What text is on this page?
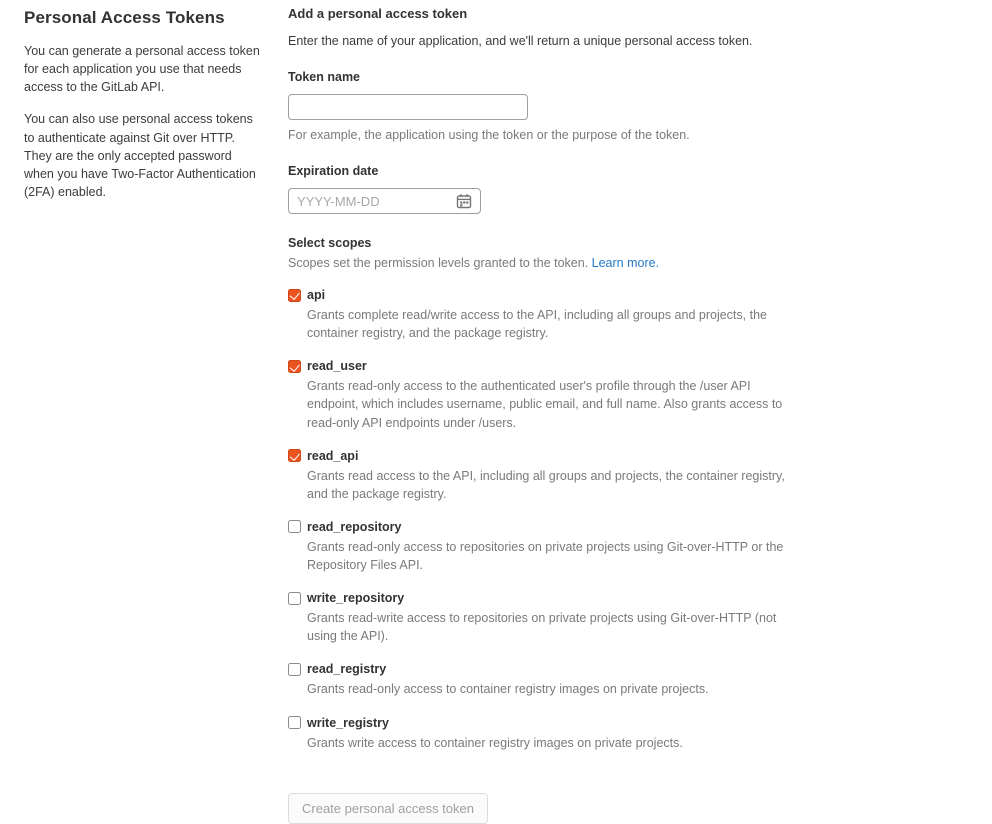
Personal Access Tokens

You can generate a personal access token for each application you use that needs access to the GitLab API.

You can also use personal access tokens to authenticate against Git over HTTP. They are the only accepted password when you have Two-Factor Authentication (2FA) enabled.

Add a personal access token

Enter the name of your application, and we'll return a unique personal access token.

Token name
For example, the application using the token or the purpose of the token.
Expiration date
YYYY-MM-DD
Select scopes

Scopes set the permission levels granted to the token. Learn more.

api
Grants complete read/write access to the API, including all groups and projects, the container registry, and the package registry.
read_user
Grants read-only access to the authenticated user's profile through the /user API endpoint, which includes username, public email, and full name. Also grants access to read-only API endpoints under /users.
read_api
Grants read access to the API, including all groups and projects, the container registry, and the package registry.
read_repository
Grants read-only access to repositories on private projects using Git-over-HTTP or the Repository Files API.
write_repository
Grants read-write access to repositories on private projects using Git-over-HTTP (not using the API).
read_registry
Grants read-only access to container registry images on private projects.
write_registry
Grants write access to container registry images on private projects.
Create personal access token
